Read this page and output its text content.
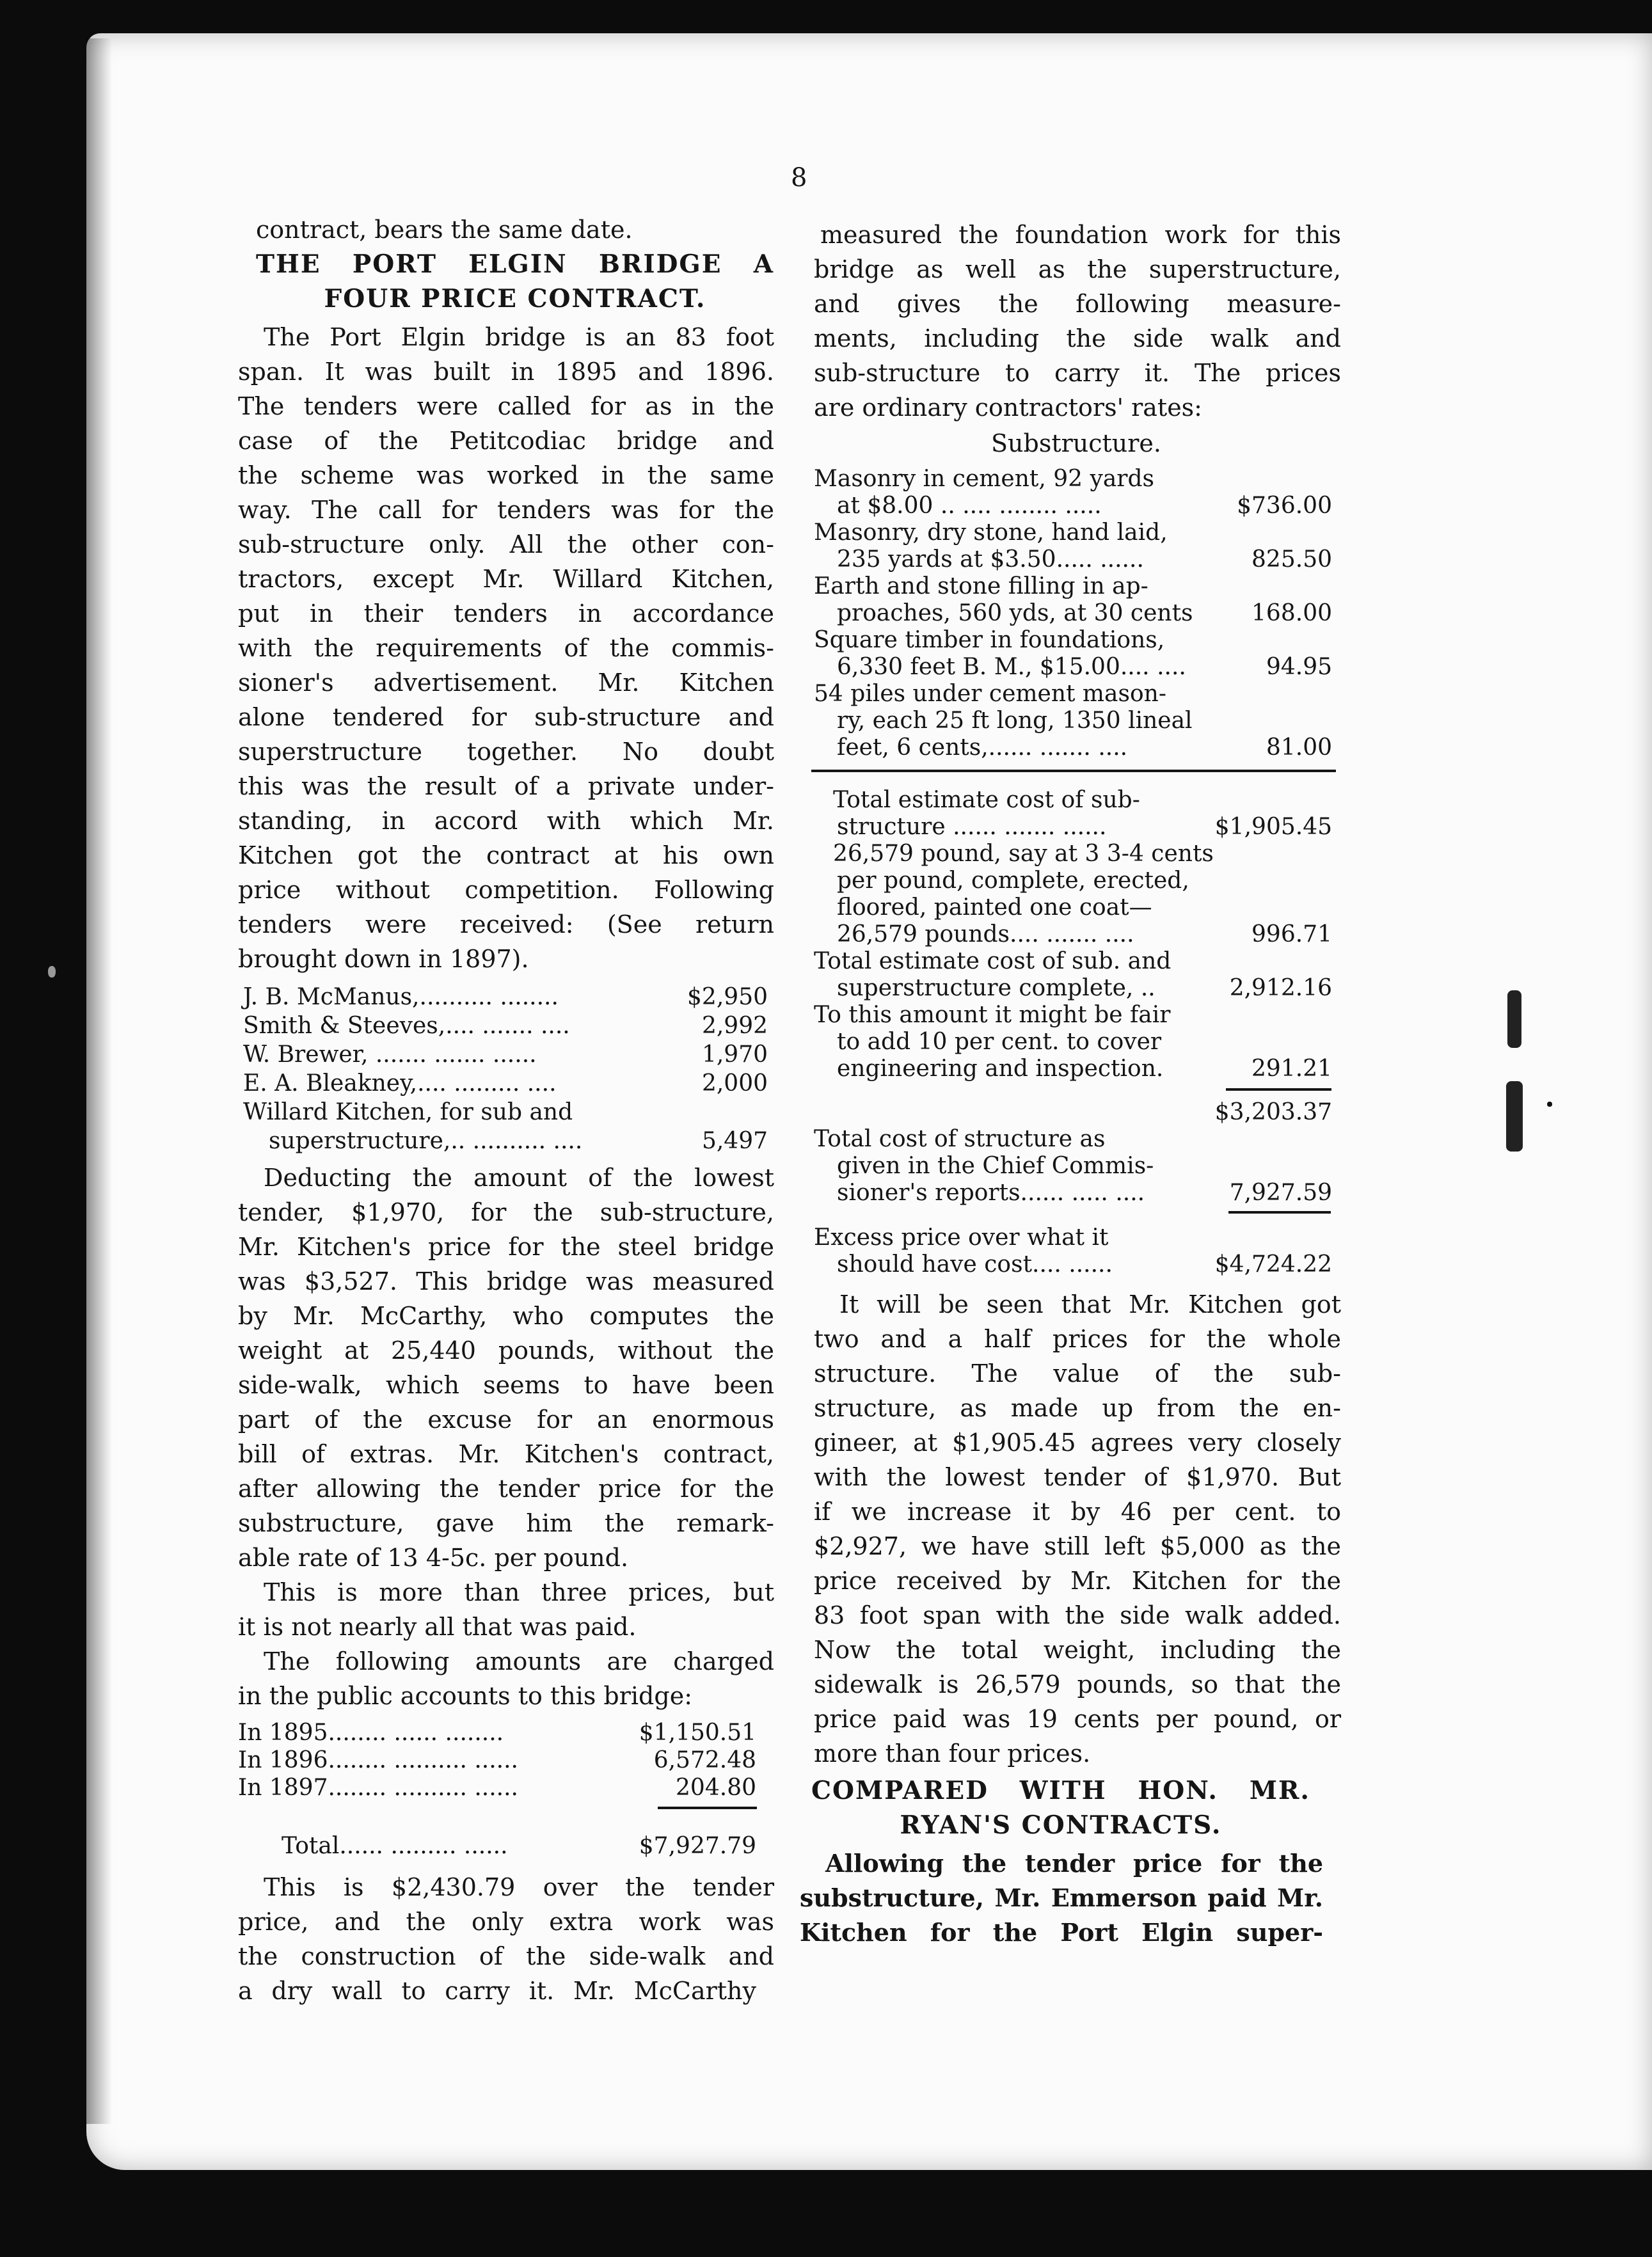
8
contract, bears the same date.
THE PORT ELGIN BRIDGE A
FOUR PRICE CONTRACT.
The Port Elgin bridge is an 83 foot
span. It was built in 1895 and 1896.
The tenders were called for as in the
case of the Petitcodiac bridge and
the scheme was worked in the same
way. The call for tenders was for the
sub-structure only. All the other con-
tractors, except Mr. Willard Kitchen,
put in their tenders in accordance
with the requirements of the commis-
sioner's advertisement. Mr. Kitchen
alone tendered for sub-structure and
superstructure together. No doubt
this was the result of a private under-
standing, in accord with which Mr.
Kitchen got the contract at his own
price without competition. Following
tenders were received: (See return
brought down in 1897).
J. B. McManus,.......... ........	$2,950
Smith & Steeves,.... ....... ....	2,992
W. Brewer, ....... ....... ......	1,970
E. A. Bleakney,.... ......... ....	2,000
Willard Kitchen, for sub and
superstructure,.. .......... ....	5,497
Deducting the amount of the lowest
tender, $1,970, for the sub-structure,
Mr. Kitchen's price for the steel bridge
was $3,527. This bridge was measured
by Mr. McCarthy, who computes the
weight at 25,440 pounds, without the
side-walk, which seems to have been
part of the excuse for an enormous
bill of extras. Mr. Kitchen's contract,
after allowing the tender price for the
substructure, gave him the remark-
able rate of 13 4-5c. per pound.
This is more than three prices, but
it is not nearly all that was paid.
The following amounts are charged
in the public accounts to this bridge:
In 1895........ ...... ........	$1,150.51
In 1896........ .......... ......	6,572.48
In 1897........ .......... ......	204.80
Total...... ......... ......	$7,927.79
This is $2,430.79 over the tender
price, and the only extra work was
the construction of the side-walk and
a dry wall to carry it. Mr. McCarthy
measured the foundation work for this
bridge as well as the superstructure,
and gives the following measure-
ments, including the side walk and
sub-structure to carry it. The prices
are ordinary contractors' rates:
Substructure.
Masonry in cement, 92 yards
at $8.00 .. .... ........ .....	$736.00
Masonry, dry stone, hand laid,
235 yards at $3.50..... ......	825.50
Earth and stone filling in ap-
proaches, 560 yds, at 30 cents	168.00
Square timber in foundations,
6,330 feet B. M., $15.00.... ....	94.95
54 piles under cement mason-
ry, each 25 ft long, 1350 lineal
feet, 6 cents,...... ....... ....	81.00
Total estimate cost of sub-
structure ...... ....... ......	$1,905.45
26,579 pound, say at 3 3-4 cents
per pound, complete, erected,
floored, painted one coat—
26,579 pounds.... ....... ....	996.71
Total estimate cost of sub. and
superstructure complete, ..	2,912.16
To this amount it might be fair
to add 10 per cent. to cover
engineering and inspection.	291.21
$3,203.37
Total cost of structure as
given in the Chief Commis-
sioner's reports...... ..... ....	7,927.59
Excess price over what it
should have cost.... ......	$4,724.22
It will be seen that Mr. Kitchen got
two and a half prices for the whole
structure. The value of the sub-
structure, as made up from the en-
gineer, at $1,905.45 agrees very closely
with the lowest tender of $1,970. But
if we increase it by 46 per cent. to
$2,927, we have still left $5,000 as the
price received by Mr. Kitchen for the
83 foot span with the side walk added.
Now the total weight, including the
sidewalk is 26,579 pounds, so that the
price paid was 19 cents per pound, or
more than four prices.
COMPARED WITH HON. MR.
RYAN'S CONTRACTS.
Allowing the tender price for the
substructure, Mr. Emmerson paid Mr.
Kitchen for the Port Elgin super-
